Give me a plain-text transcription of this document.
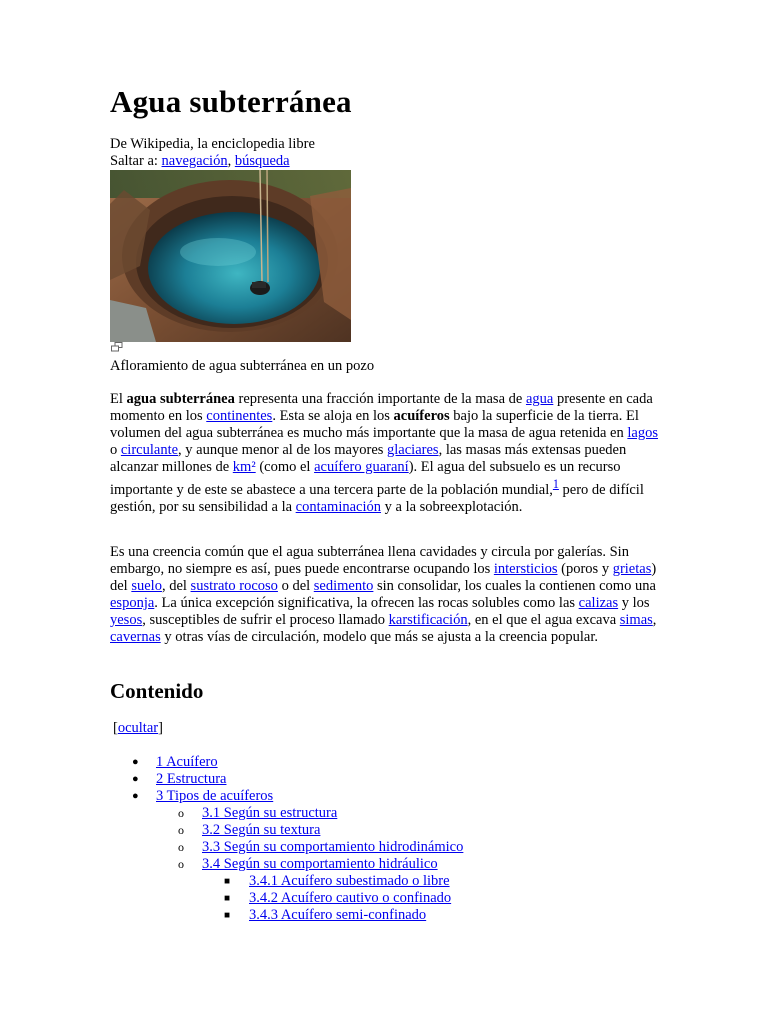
Agua subterránea
De Wikipedia, la enciclopedia libre
Saltar a: navegación, búsqueda
Afloramiento de agua subterránea en un pozo

El agua subterránea representa una fracción importante de la masa de agua presente en cada momento en los continentes. Esta se aloja en los acuíferos bajo la superficie de la tierra. El volumen del agua subterránea es mucho más importante que la masa de agua retenida en lagos o circulante, y aunque menor al de los mayores glaciares, las masas más extensas pueden alcanzar millones de km² (como el acuífero guaraní). El agua del subsuelo es un recurso importante y de este se abastece a una tercera parte de la población mundial,$^1$ pero de difícil gestión, por su sensibilidad a la contaminación y a la sobreexplotación.

Es una creencia común que el agua subterránea llena cavidades y circula por galerías. Sin embargo, no siempre es así, pues puede encontrarse ocupando los intersticios (poros y grietas) del suelo, del sustrato rocoso o del sedimento sin consolidar, los cuales la contienen como una esponja. La única excepción significativa, la ofrecen las rocas solubles como las calizas y los yesos, susceptibles de sufrir el proceso llamado karstificación, en el que el agua excava simas, cavernas y otras vías de circulación, modelo que más se ajusta a la creencia popular.

Contenido
[ocultar]
● 1 Acuífero
● 2 Estructura
● 3 Tipos de acuíferos
o 3.1 Según su estructura
o 3.2 Según su textura
o 3.3 Según su comportamiento hidrodinámico
o 3.4 Según su comportamiento hidráulico
■ 3.4.1 Acuífero subestimado o libre
■ 3.4.2 Acuífero cautivo o confinado
■ 3.4.3 Acuífero semi-confinado
